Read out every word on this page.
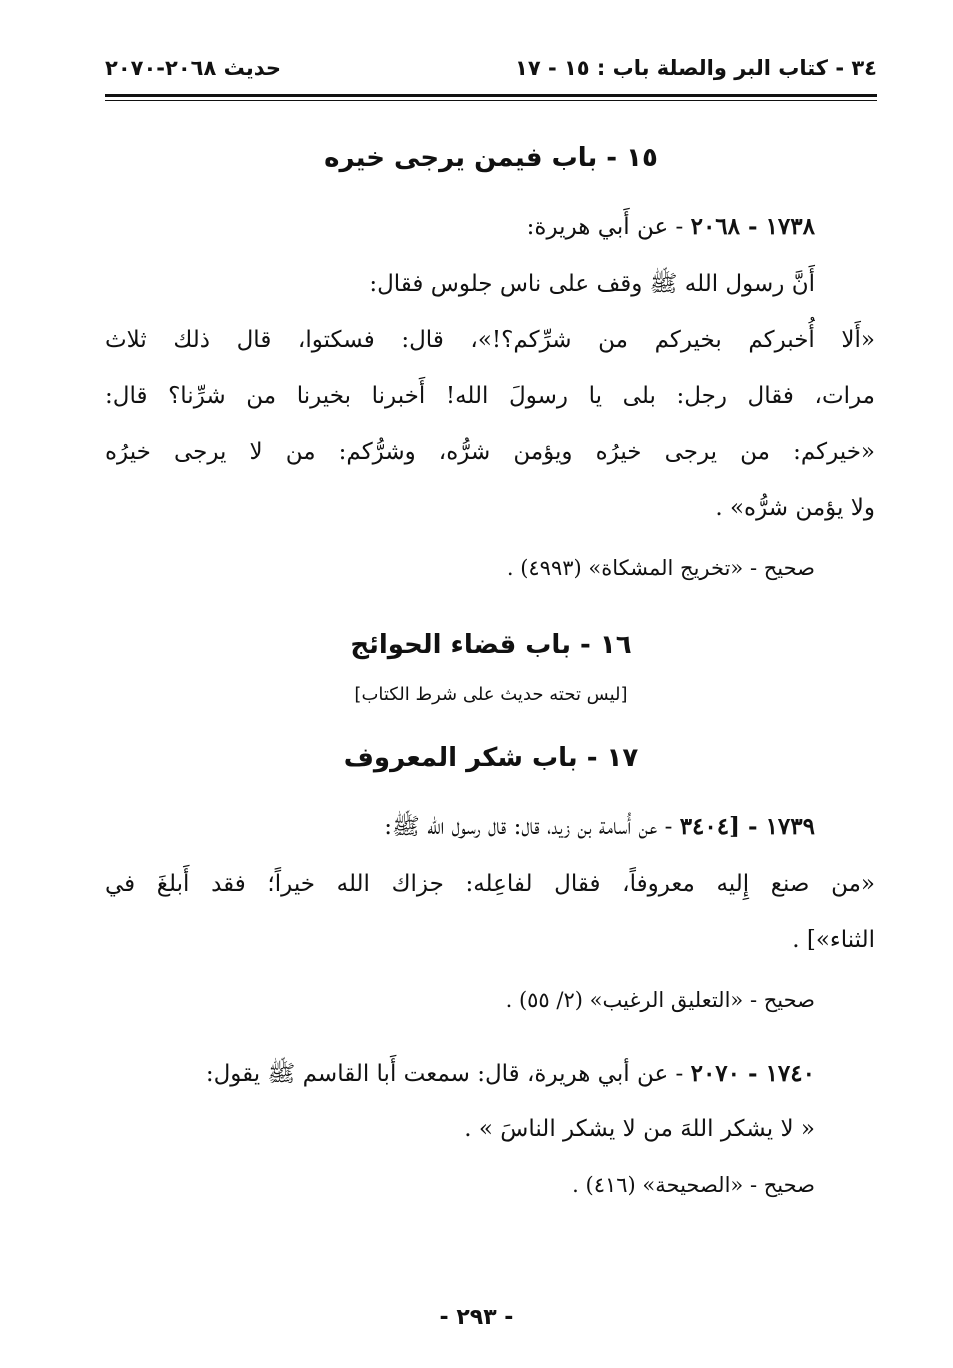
٣٤ - كتاب البر والصلة
باب : ١٥ - ١٧
حديث ٢٠٦٨-٢٠٧٠
١٥ - باب فيمن يرجى خيره
١٧٣٨ - ٢٠٦٨ - عن أَبي هريرة:
أَنَّ رسول الله ﷺ وقف على ناس جلوس فقال:
«أَلا أُخبركم بخيركم من شرِّكم؟!»، قال: فسكتوا، قال ذلك ثلاث
مرات، فقال رجل: بلى يا رسولَ الله! أَخبرنا بخيرنا من شرِّنا؟ قال:
«خيركم: من يرجى خيرُه ويؤمن شرُّه، وشرُّكم: من لا يرجى خيرُه
ولا يؤمن شرُّه» .
صحيح - «تخريج المشكاة» (٤٩٩٣) .
١٦ - باب قضاء الحوائج
[ليس تحته حديث على شرط الكتاب]
١٧ - باب شكر المعروف
١٧٣٩ - [٣٤٠٤ - عن أُسامة بن زيد، قال: قال رسول الله ﷺ:
«من صنع إِليه معروفاً، فقال لفاعِله: جزاك الله خيراً؛ فقد أَبلغَ في
الثناء»] .
صحيح - «التعليق الرغيب» (٢/ ٥٥) .
١٧٤٠ - ٢٠٧٠ - عن أبي هريرة، قال: سمعت أَبا القاسم ﷺ يقول:
« لا يشكر اللهَ من لا يشكر الناسَ » .
صحيح - «الصحيحة» (٤١٦) .
- ٢٩٣ -
